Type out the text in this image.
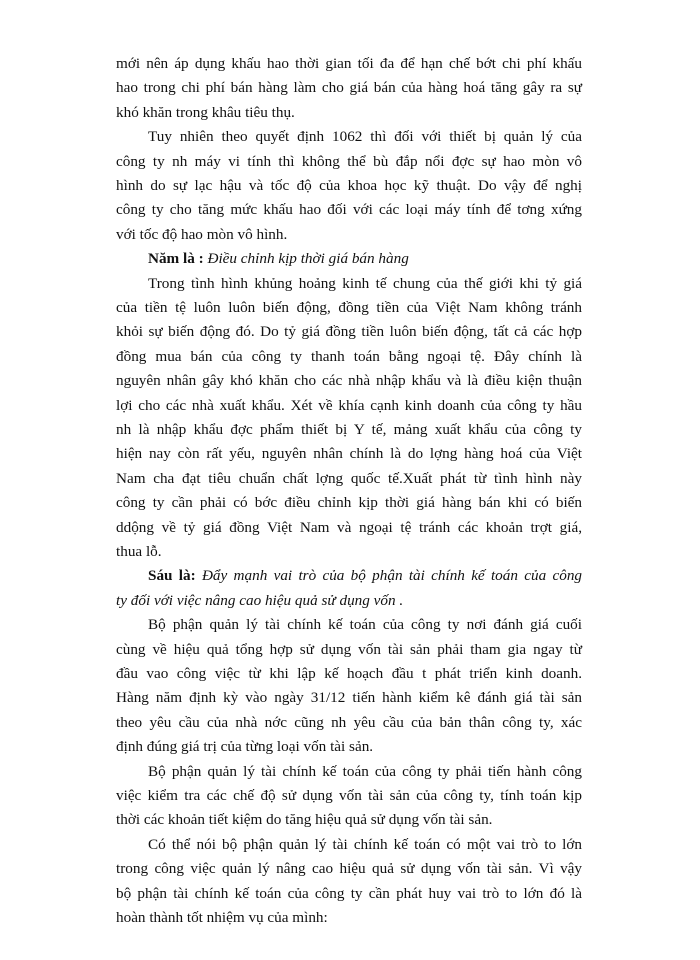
mới nên áp dụng khấu hao thời gian tối đa để hạn chế bớt chi phí khấu
hao trong chi phí bán hàng làm cho giá bán của hàng hoá tăng gây ra sự
khó khăn trong khâu tiêu thụ.
Tuy nhiên theo quyết định 1062 thì đối với thiết bị quản lý của
công ty nh máy vi tính thì không thể bù đắp nổi đợc sự hao mòn vô
hình do sự lạc hậu và tốc độ của khoa học kỹ thuật. Do vậy để nghị
công ty cho tăng mức khấu hao đối với các loại máy tính để tơng xứng
với tốc độ hao mòn vô hình.
Năm là : Điều chỉnh kịp thời giá bán hàng
Trong tình hình khủng hoảng kinh tế chung của thế giới khi tỷ giá
của tiền tệ luôn luôn biến động, đồng tiền của Việt Nam không tránh
khỏi sự biến động đó. Do tỷ giá đồng tiền luôn biến động, tất cả các hợp
đồng mua bán của công ty thanh toán bằng ngoại tệ. Đây chính là
nguyên nhân gây khó khăn cho các nhà nhập khẩu và là điều kiện thuận
lợi cho các nhà xuất khẩu. Xét về khía cạnh kinh doanh của công ty hầu
nh là nhập khẩu đợc phẩm thiết bị Y tế, mảng xuất khẩu của công ty
hiện nay còn rất yếu, nguyên nhân chính là do lợng hàng hoá của Việt
Nam cha đạt tiêu chuẩn chất lợng quốc tế.Xuất phát từ tình hình này
công ty cần phải có bớc điều chỉnh kịp thời giá hàng bán khi có biến
ddộng về tỷ giá đồng Việt Nam và ngoại tệ tránh các khoản trợt giá,
thua lỗ.
Sáu là: Đẩy mạnh vai trò của bộ phận tài chính kế toán của công
ty đối với việc nâng cao hiệu quả sử dụng vốn .
Bộ phận quản lý tài chính kế toán của công ty nơi đánh giá cuối
cùng về hiệu quả tổng hợp sử dụng vốn tài sản phải tham gia ngay từ
đầu vao công việc từ khi lập kế hoạch đầu t phát triển kinh doanh.
Hàng năm định kỳ vào ngày 31/12 tiến hành kiểm kê đánh giá tài sản
theo yêu cầu của nhà nớc cũng nh yêu cầu của bản thân công ty, xác
định đúng giá trị của từng loại vốn tài sản.
Bộ phận quản lý tài chính kế toán của công ty phải tiến hành công
việc kiểm tra các chế độ sử dụng vốn tài sản của công ty, tính toán kịp
thời các khoản tiết kiệm do tăng hiệu quả sử dụng vốn tài sản.
Có thể nói bộ phận quản lý tài chính kế toán có một vai trò to lớn
trong công việc quản lý nâng cao hiệu quả sử dụng vốn tài sản. Vì vậy
bộ phận tài chính kế toán của công ty cần phát huy vai trò to lớn đó là
hoàn thành tốt nhiệm vụ của mình:
